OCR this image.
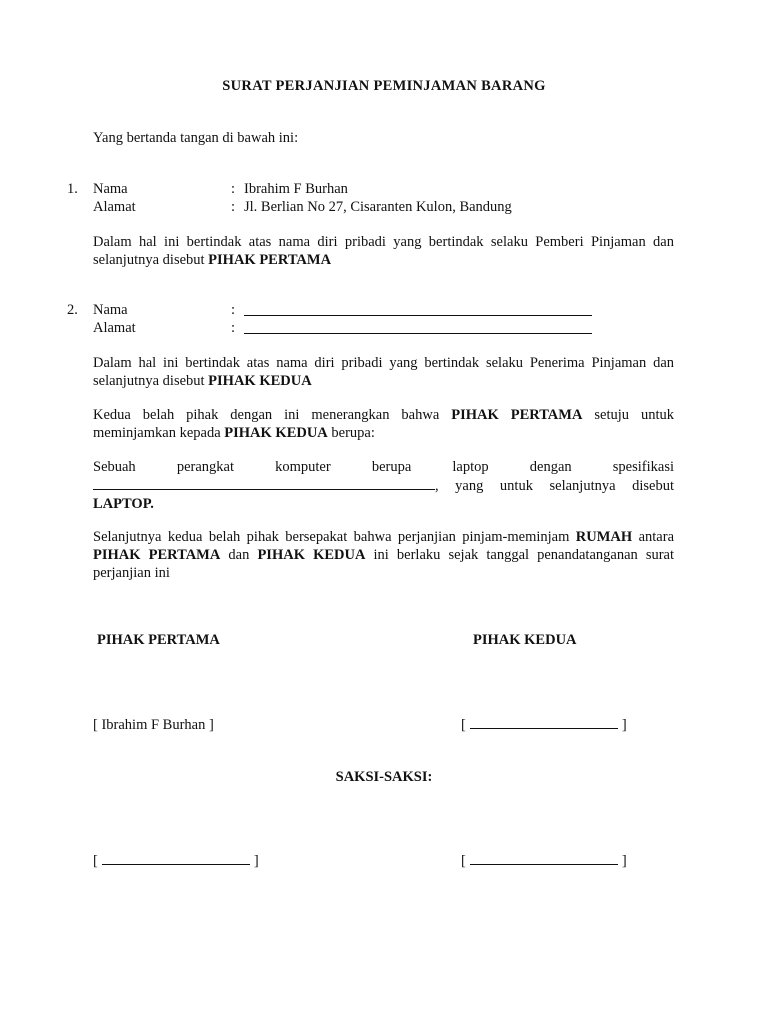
SURAT PERJANJIAN PEMINJAMAN BARANG
Yang bertanda tangan di bawah ini:
1. Nama	: Ibrahim F Burhan
Alamat	: Jl. Berlian No 27, Cisaranten Kulon, Bandung
Dalam hal ini bertindak atas nama diri pribadi yang bertindak selaku Pemberi Pinjaman dan selanjutnya disebut PIHAK PERTAMA
2. Nama	:
Alamat	:
Dalam hal ini bertindak atas nama diri pribadi yang bertindak selaku Penerima Pinjaman dan selanjutnya disebut PIHAK KEDUA
Kedua belah pihak dengan ini menerangkan bahwa PIHAK PERTAMA setuju untuk meminjamkan kepada PIHAK KEDUA berupa:
Sebuah perangkat komputer berupa laptop dengan spesifikasi
, yang untuk selanjutnya disebut
LAPTOP.
Selanjutnya kedua belah pihak bersepakat bahwa perjanjian pinjam-meminjam RUMAH antara PIHAK PERTAMA dan PIHAK KEDUA ini berlaku sejak tanggal penandatanganan surat perjanjian ini
PIHAK PERTAMA	PIHAK KEDUA
[ Ibrahim F Burhan ]	[	]
SAKSI-SAKSI:
[	]	[	]
